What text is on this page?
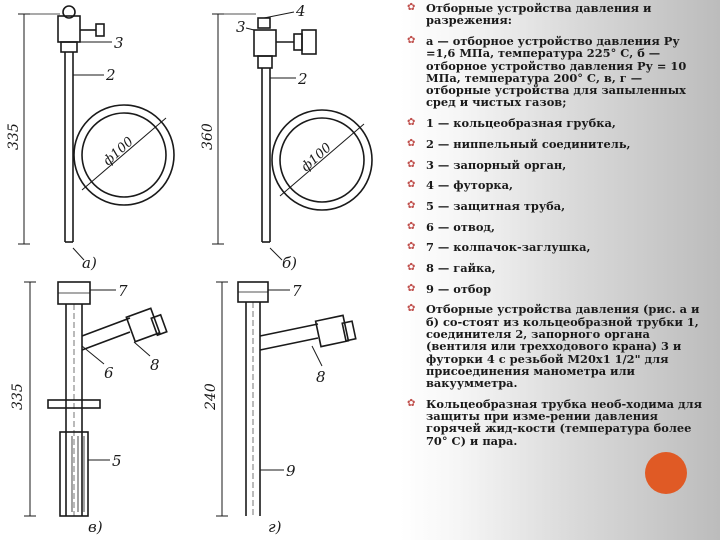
335	360
335	240
ф100	ф100
а)	б)
в)	г)
3
2
4
3
2
7
6 8
5
7
8
9
✿ Отборные устройства давления и разрежения:
✿ а — отборное устройство давления Pу =1,6 МПа, температура 225° С, б — отборное устройство давления Pу = 10 МПа, температура 200° С, в, г — отборные устройства для запыленных сред и чистых газов;
✿ 1 — кольцеобразная грубка,
✿ 2 — ниппельный соединитель,
✿ 3 — запорный орган,
✿ 4 — футорка,
✿ 5 — защитная труба,
✿ 6 — отвод,
✿ 7 — колпачок-заглушка,
✿ 8 — гайка,
✿ 9 — отбор
✿ Отборные устройства давления (рис. а и б) со-стоят из кольцеобразной трубки 1, соединителя 2, запорного органа (вентиля или трехходового крана) 3 и футорки 4 с резьбой M20x1 1/2" для присоединения манометра или вакуумметра.
✿ Кольцеобразная трубка необ-ходима для защиты при изме-рении давления горячей жид-кости (температура более 70° С) и пара.
